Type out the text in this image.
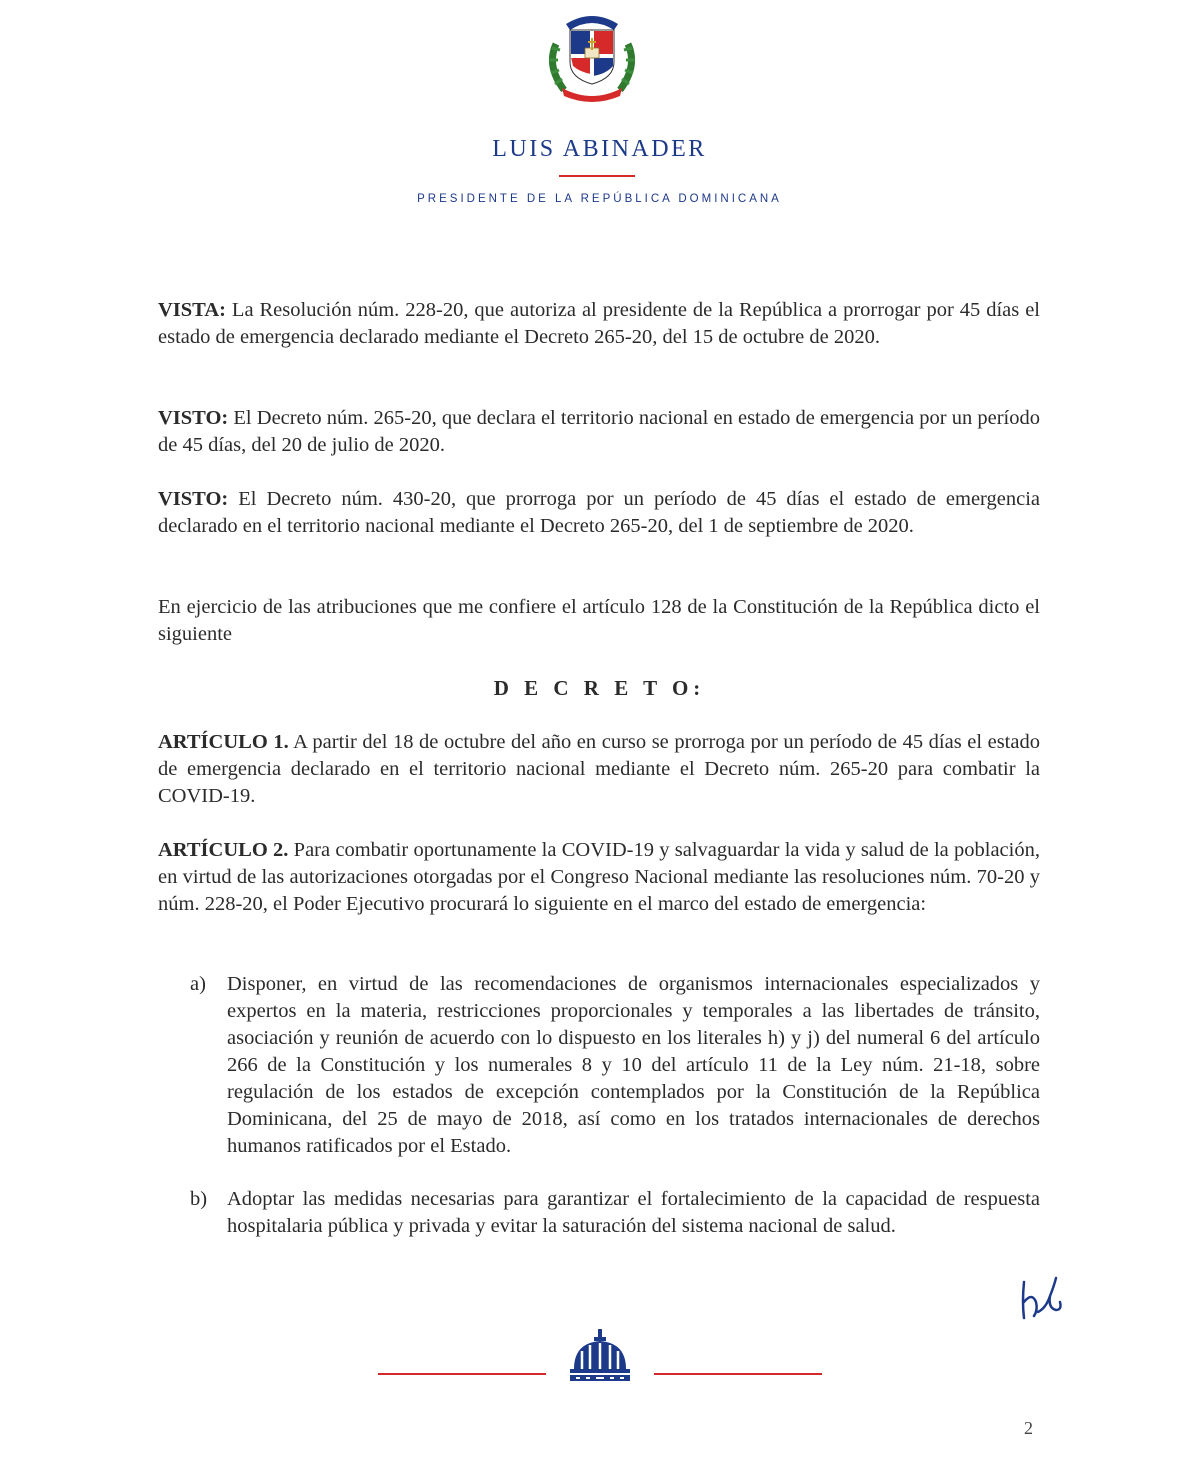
LUIS ABINADER
PRESIDENTE DE LA REPÚBLICA DOMINICANA
VISTA: La Resolución núm. 228-20, que autoriza al presidente de la República a prorrogar por 45 días el estado de emergencia declarado mediante el Decreto 265-20, del 15 de octubre de 2020.
VISTO: El Decreto núm. 265-20, que declara el territorio nacional en estado de emergencia por un período de 45 días, del 20 de julio de 2020.
VISTO: El Decreto núm. 430-20, que prorroga por un período de 45 días el estado de emergencia declarado en el territorio nacional mediante el Decreto 265-20, del 1 de septiembre de 2020.
En ejercicio de las atribuciones que me confiere el artículo 128 de la Constitución de la República dicto el siguiente
D E C R E T O:
ARTÍCULO 1. A partir del 18 de octubre del año en curso se prorroga por un período de 45 días el estado de emergencia declarado en el territorio nacional mediante el Decreto núm. 265-20 para combatir la COVID-19.
ARTÍCULO 2. Para combatir oportunamente la COVID-19 y salvaguardar la vida y salud de la población, en virtud de las autorizaciones otorgadas por el Congreso Nacional mediante las resoluciones núm. 70-20 y núm. 228-20, el Poder Ejecutivo procurará lo siguiente en el marco del estado de emergencia:
a) Disponer, en virtud de las recomendaciones de organismos internacionales especializados y expertos en la materia, restricciones proporcionales y temporales a las libertades de tránsito, asociación y reunión de acuerdo con lo dispuesto en los literales h) y j) del numeral 6 del artículo 266 de la Constitución y los numerales 8 y 10 del artículo 11 de la Ley núm. 21-18, sobre regulación de los estados de excepción contemplados por la Constitución de la República Dominicana, del 25 de mayo de 2018, así como en los tratados internacionales de derechos humanos ratificados por el Estado.
b) Adoptar las medidas necesarias para garantizar el fortalecimiento de la capacidad de respuesta hospitalaria pública y privada y evitar la saturación del sistema nacional de salud.
2
